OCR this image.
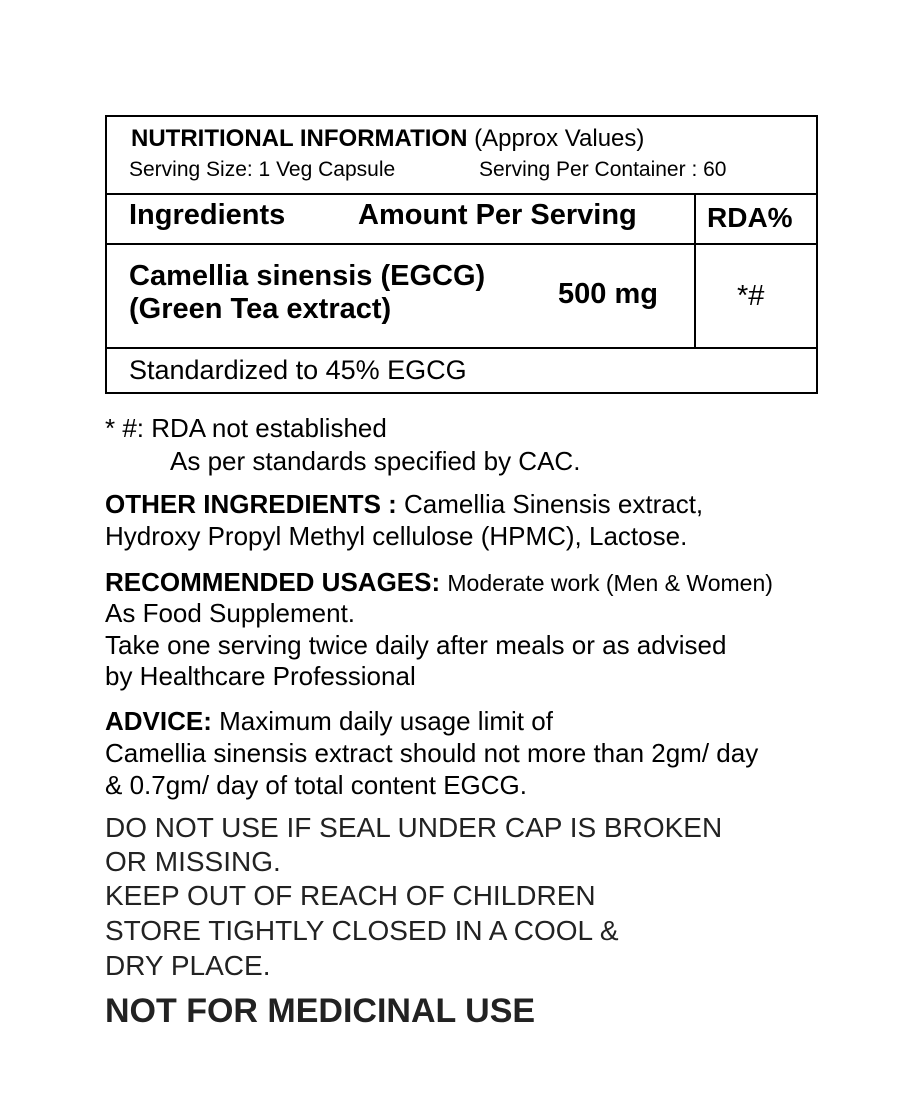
NUTRITIONAL INFORMATION (Approx Values)
Serving Size: 1 Veg Capsule	Serving Per Container : 60
Ingredients	Amount Per Serving	RDA%
Camellia sinensis (EGCG)
(Green Tea extract)	500 mg	*#
Standardized to 45% EGCG
* #: RDA not established
As per standards specified by CAC.
OTHER INGREDIENTS : Camellia Sinensis extract,
Hydroxy Propyl Methyl cellulose (HPMC), Lactose.
RECOMMENDED USAGES: Moderate work (Men & Women)
As Food Supplement.
Take one serving twice daily after meals or as advised
by Healthcare Professional
ADVICE: Maximum daily usage limit of
Camellia sinensis extract should not more than 2gm/ day
& 0.7gm/ day of total content EGCG.
DO NOT USE IF SEAL UNDER CAP IS BROKEN
OR MISSING.
KEEP OUT OF REACH OF CHILDREN
STORE TIGHTLY CLOSED IN A COOL &
DRY PLACE.
NOT FOR MEDICINAL USE
